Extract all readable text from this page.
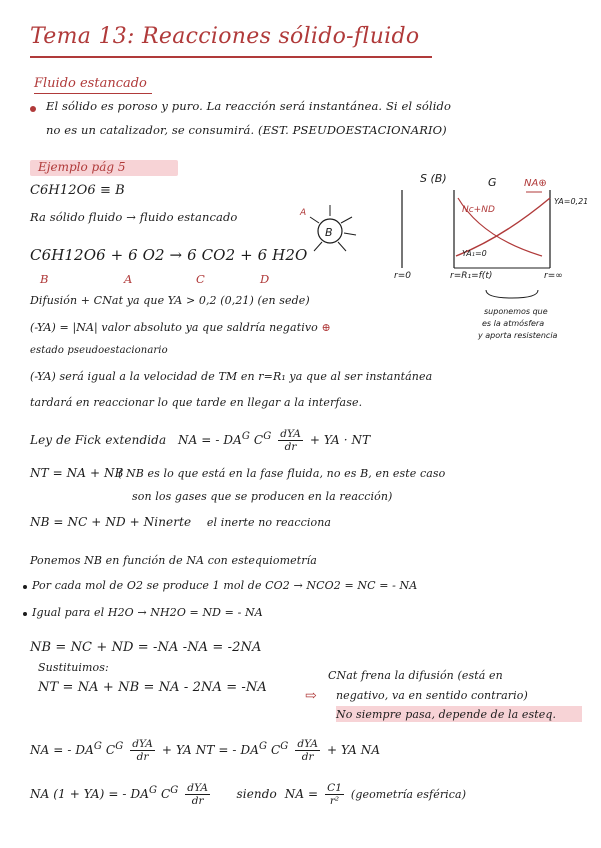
Tema 13: Reacciones sólido-fluido
Fluido estancado
El sólido es poroso y puro. La reacción será instantánea. Si el sólido
no es un catalizador, se consumirá. (EST. PSEUDOESTACIONARIO)
Ejemplo pág 5
C6H12O6 ≡ B
Ra sólido fluido → fluido estancado
B
A
C6H12O6 + 6 O2 → 6 CO2 + 6 H2O
B	A	C	D
S (B)	G	NA⊕
YA=0,21
Nc+ND
YA₁=0
r=0	r=R₁=f(t)	r=∞
suponemos que
es la atmósfera
y aporta resistencia
Difusión + CNat ya que YA > 0,2 (0,21) (en sede)
(-YA) = |NA| valor absoluto ya que saldría negativo ⊕
estado pseudoestacionario
(-YA) será igual a la velocidad de TM en r=R₁ ya que al ser instantánea
tardará en reaccionar lo que tarde en llegar a la interfase.
Ley de Fick extendida NA = - $DA^G$ $C^G \frac{\text{dYA}}{dr}$ + YA · NT
NT = NA + NB
( NB es lo que está en la fase fluida, no es B, en este caso
son los gases que se producen en la reacción)
NB = NC + ND + Ninerte el inerte no reacciona
Ponemos NB en función de NA con estequiometría
Por cada mol de O2 se produce 1 mol de CO2 → NCO2 = NC = - NA
Igual para el H2O → NH2O = ND = - NA
NB = NC + ND = -NA -NA = -2NA
Sustituimos:
NT = NA + NB = NA - 2NA = -NA
⇨
CNat frena la difusión (está en
negativo, va en sentido contrario)
No siempre pasa, depende de la esteq.
NA = - $DA^G$ $C^G \frac{\text{dYA}}{dr}$ + YA NT = - $DA^G$ $C^G \frac{\text{dYA}}{dr}$ + YA NA
NA (1 + YA) = - $DA^G$ $C^G \frac{\text{dYA}}{dr}$ siendo NA = $\frac{C1}{\text{r²}}$ (geometría esférica)
